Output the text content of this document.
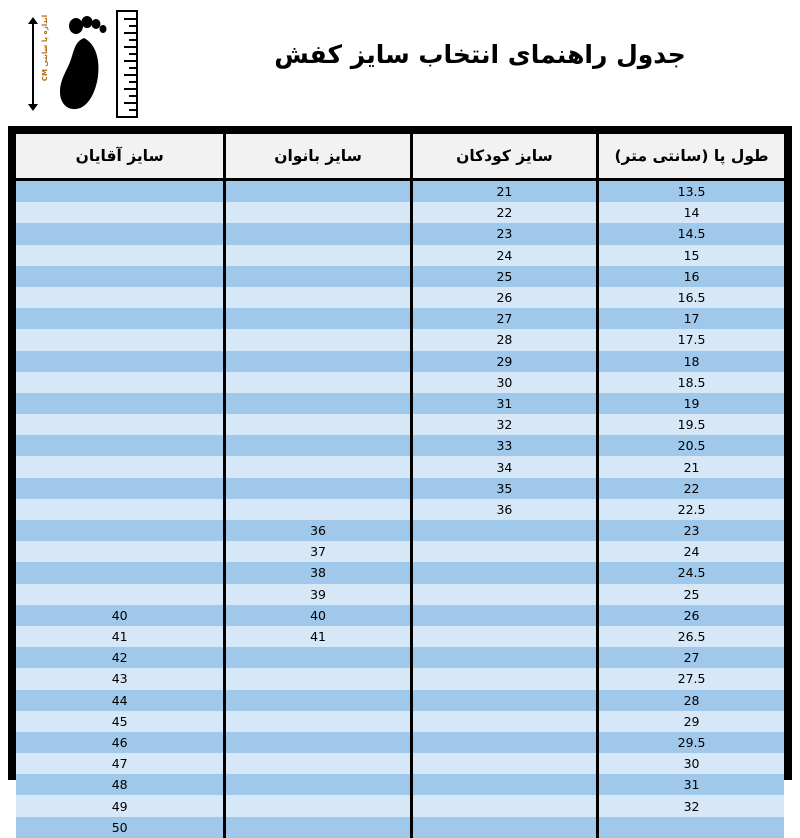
اندازه پا سانتی CM	جدول راهنمای انتخاب سایز کفش
طول پا (سانتی متر)	سایز کودکان	سایز بانوان	سایز آقایان
13.5	21		
14	22		
14.5	23		
15	24		
16	25		
16.5	26		
17	27		
17.5	28		
18	29		
18.5	30		
19	31		
19.5	32		
20.5	33		
21	34		
22	35		
22.5	36		
23		36	
24		37	
24.5		38	
25		39	
26		40	40
26.5		41	41
27			42
27.5			43
28			44
29			45
29.5			46
30			47
31			48
32			49
			50
